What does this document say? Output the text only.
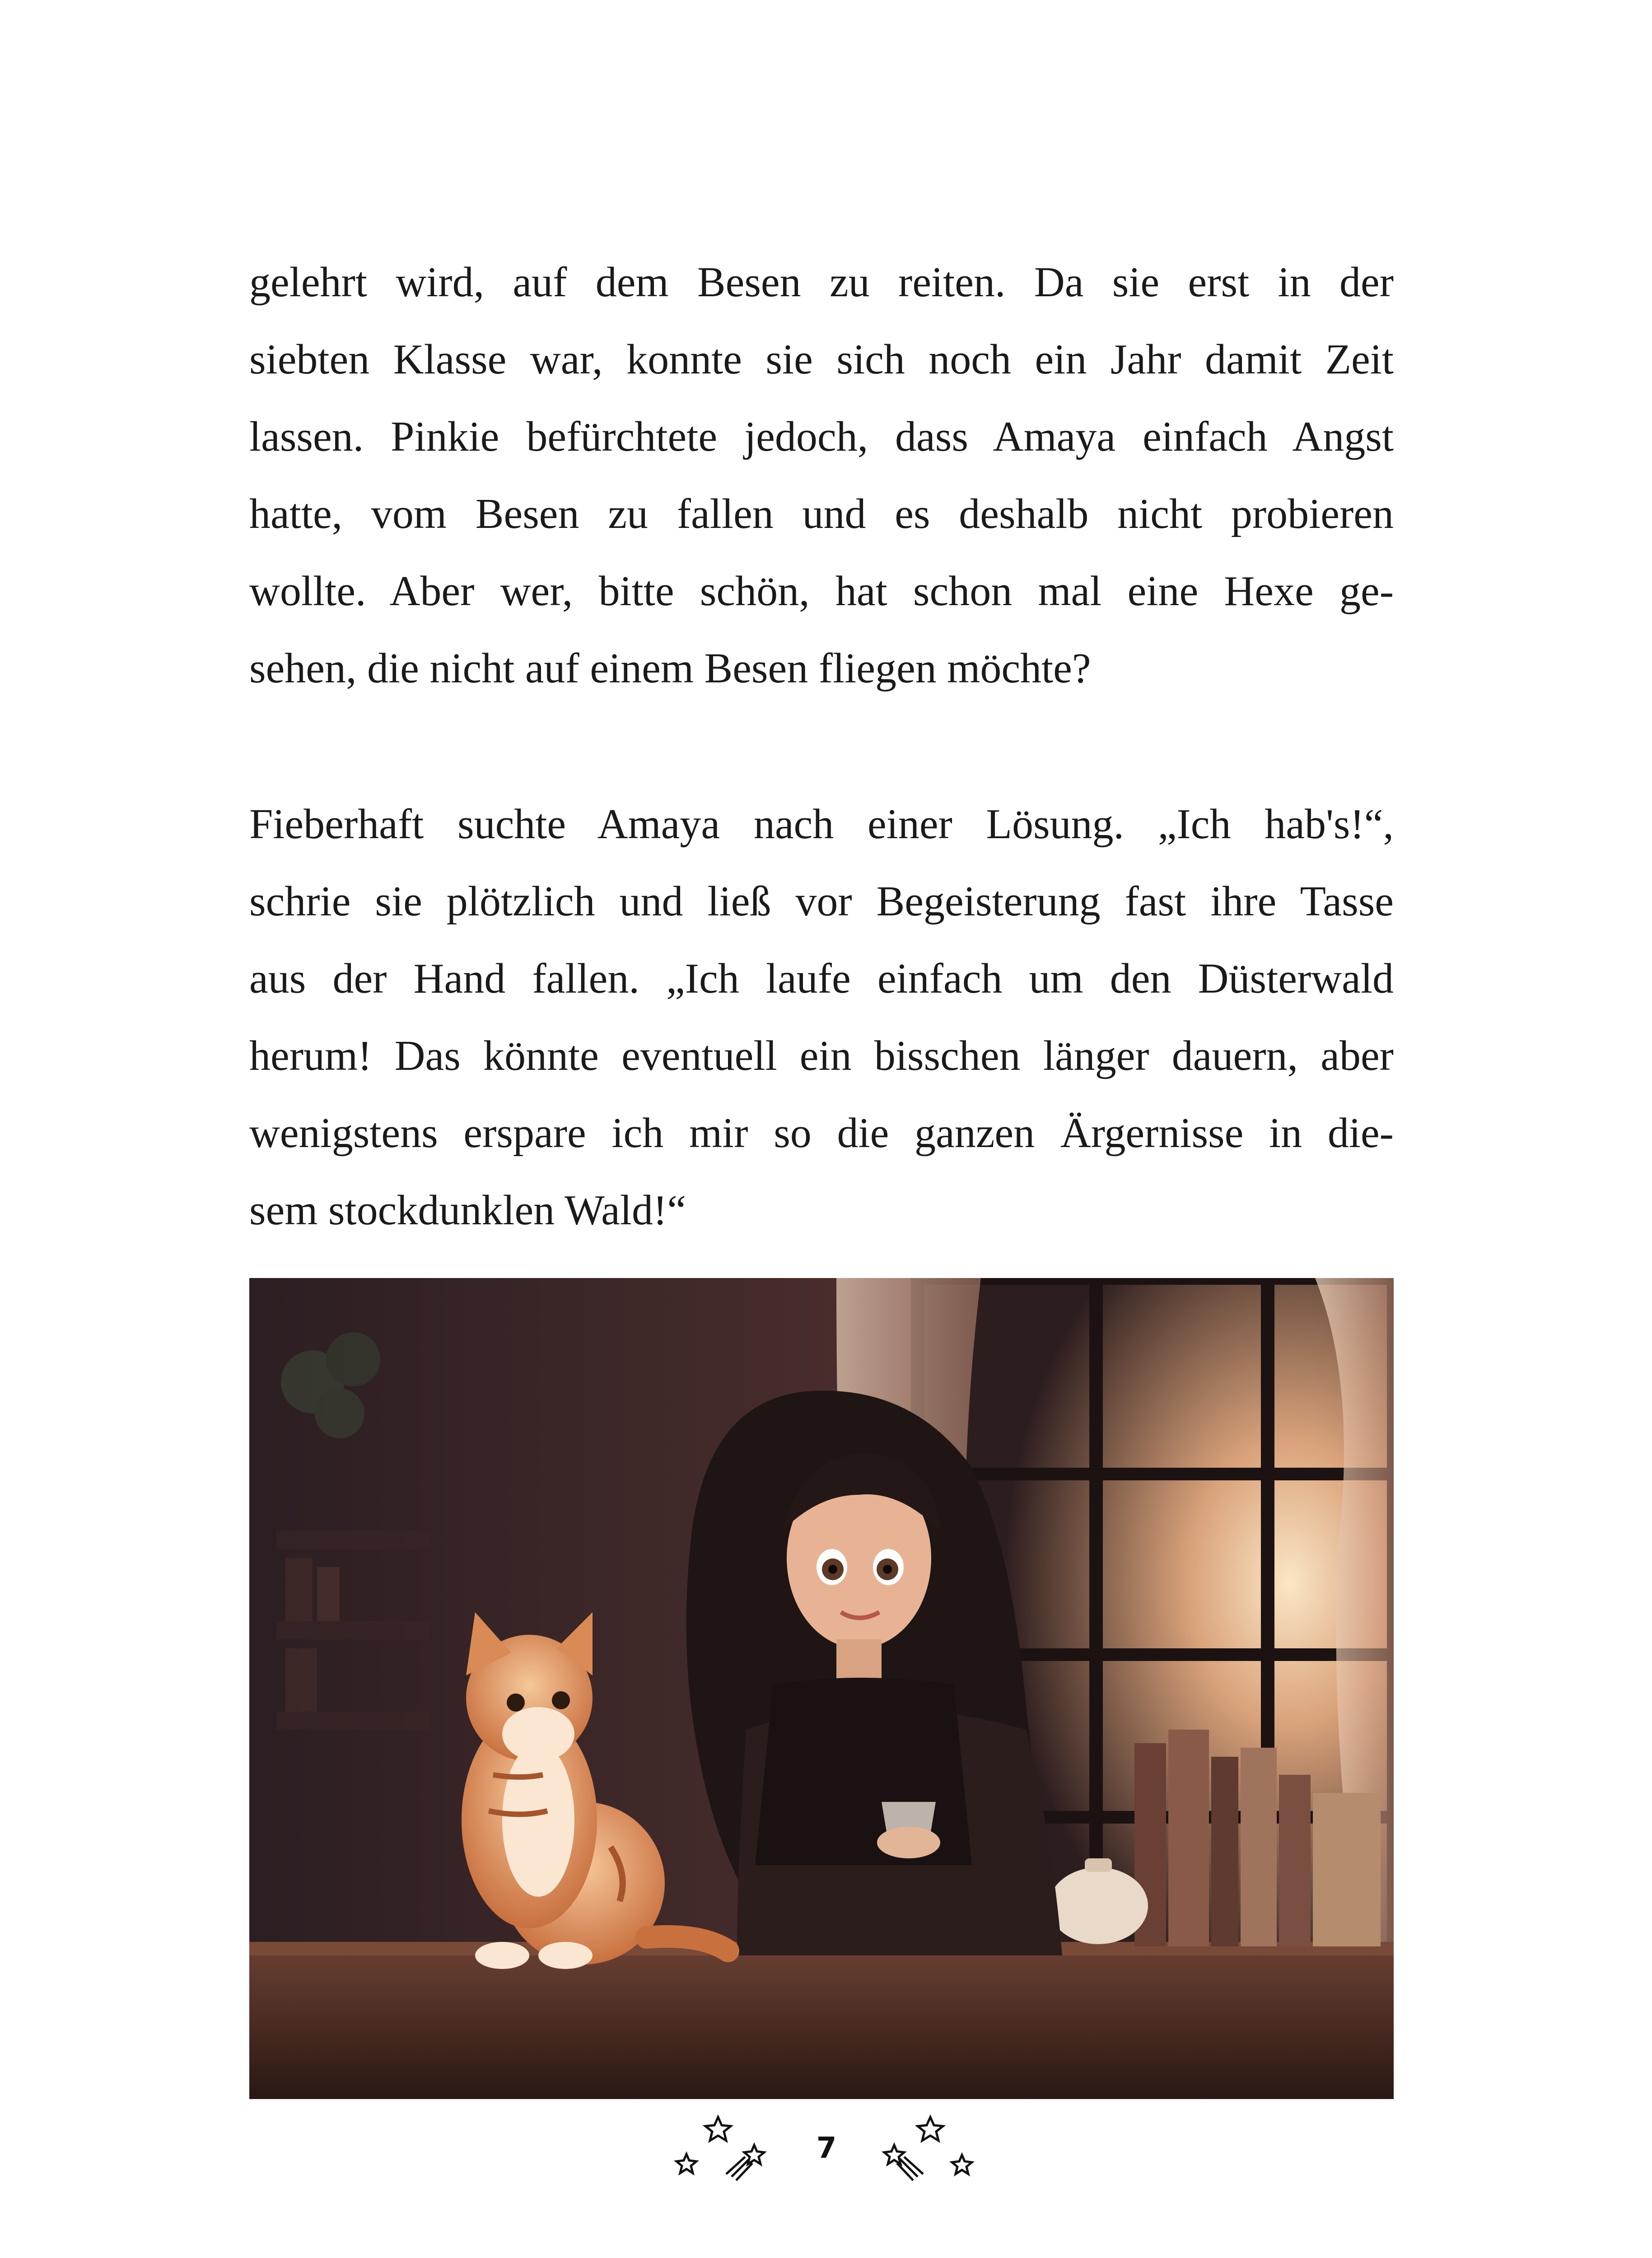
gelehrt wird, auf dem Besen zu reiten. Da sie erst in der
siebten Klasse war, konnte sie sich noch ein Jahr damit Zeit
lassen. Pinkie befürchtete jedoch, dass Amaya einfach Angst
hatte, vom Besen zu fallen und es deshalb nicht probieren
wollte. Aber wer, bitte schön, hat schon mal eine Hexe ge-
sehen, die nicht auf einem Besen fliegen möchte?
Fieberhaft suchte Amaya nach einer Lösung. „Ich hab's!“,
schrie sie plötzlich und ließ vor Begeisterung fast ihre Tasse
aus der Hand fallen. „Ich laufe einfach um den Düsterwald
herum! Das könnte eventuell ein bisschen länger dauern, aber
wenigstens erspare ich mir so die ganzen Ärgernisse in die-
sem stockdunklen Wald!“
7
